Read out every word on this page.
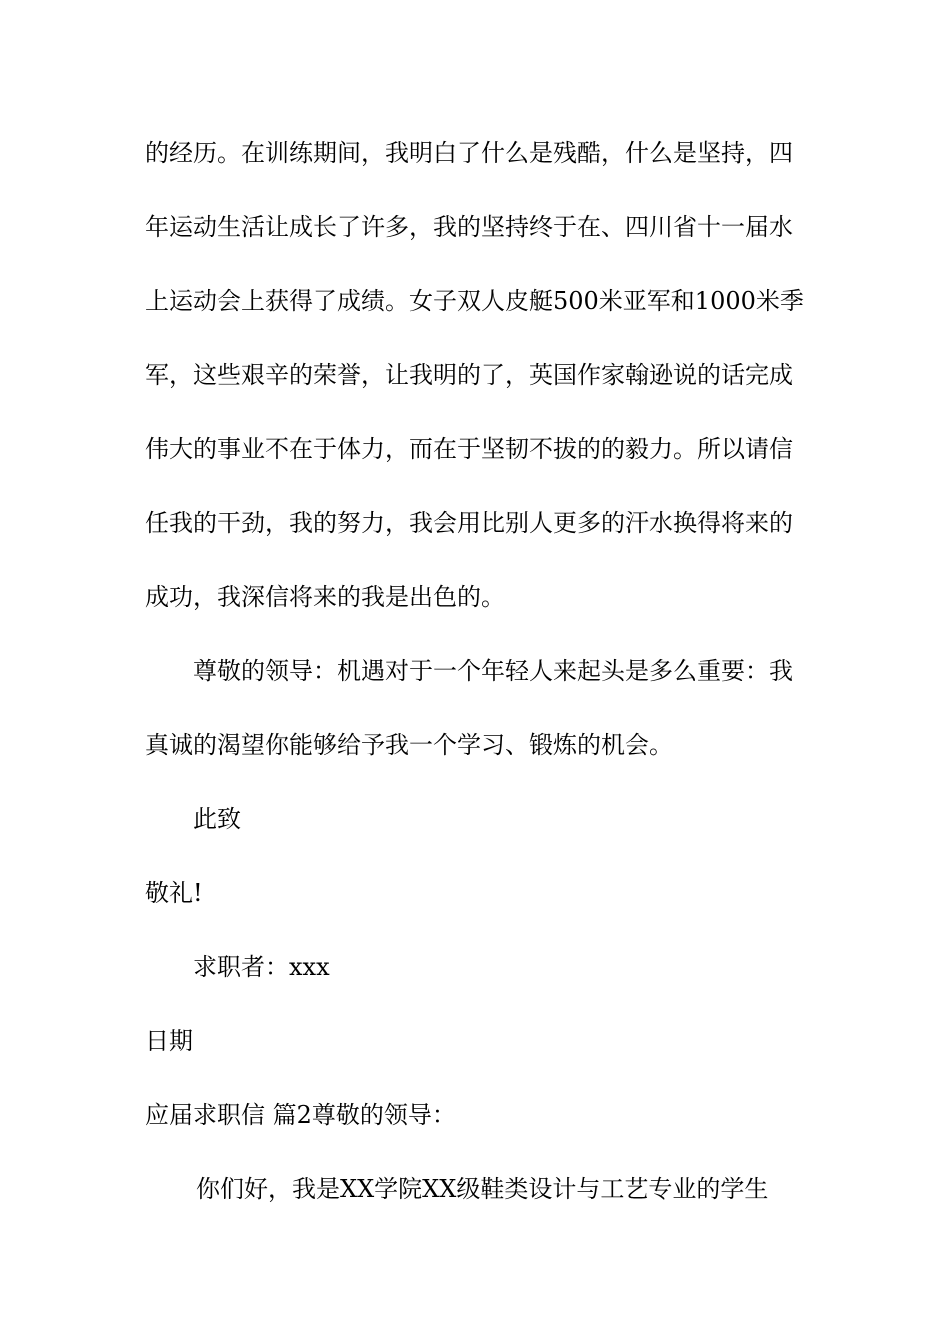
的经历。在训练期间，我明白了什么是残酷，什么是坚持，四

年运动生活让成长了许多，我的坚持终于在、四川省十一届水

上运动会上获得了成绩。女子双人皮艇500米亚军和1000米季

军，这些艰辛的荣誉，让我明的了，英国作家翰逊说的话完成

伟大的事业不在于体力，而在于坚韧不拔的的毅力。所以请信

任我的干劲，我的努力，我会用比别人更多的汗水换得将来的

成功，我深信将来的我是出色的。

尊敬的领导：机遇对于一个年轻人来起头是多么重要：我

真诚的渴望你能够给予我一个学习、锻炼的机会。

此致

敬礼!

求职者：xxx

日期

应届求职信 篇2尊敬的领导：

你们好，我是XX学院XX级鞋类设计与工艺专业的学生
